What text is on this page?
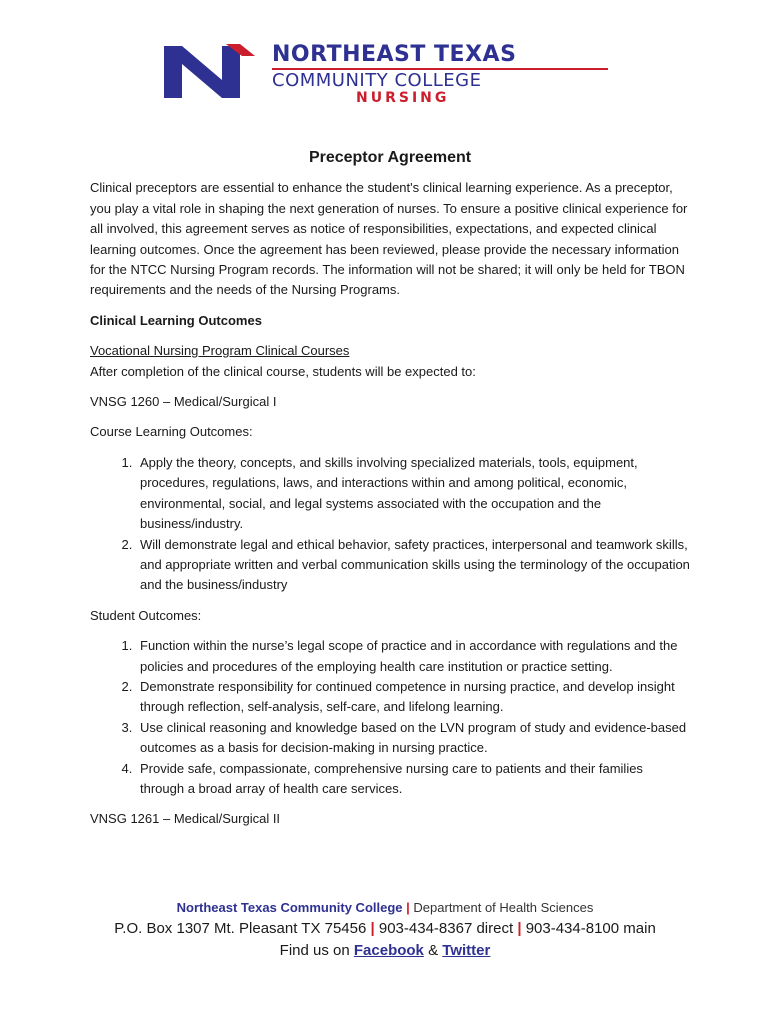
NORTHEAST TEXAS
COMMUNITY COLLEGE
NURSING
Preceptor Agreement

Clinical preceptors are essential to enhance the student's clinical learning experience. As a preceptor, you play a vital role in shaping the next generation of nurses. To ensure a positive clinical experience for all involved, this agreement serves as notice of responsibilities, expectations, and expected clinical learning outcomes. Once the agreement has been reviewed, please provide the necessary information for the NTCC Nursing Program records. The information will not be shared; it will only be held for TBON requirements and the needs of the Nursing Programs.

Clinical Learning Outcomes

Vocational Nursing Program Clinical Courses

After completion of the clinical course, students will be expected to:

VNSG 1260 – Medical/Surgical I

Course Learning Outcomes:

1. Apply the theory, concepts, and skills involving specialized materials, tools, equipment, procedures, regulations, laws, and interactions within and among political, economic, environmental, social, and legal systems associated with the occupation and the business/industry.
2. Will demonstrate legal and ethical behavior, safety practices, interpersonal and teamwork skills, and appropriate written and verbal communication skills using the terminology of the occupation and the business/industry

Student Outcomes:

1. Function within the nurse’s legal scope of practice and in accordance with regulations and the policies and procedures of the employing health care institution or practice setting.
2. Demonstrate responsibility for continued competence in nursing practice, and develop insight through reflection, self-analysis, self-care, and lifelong learning.
3. Use clinical reasoning and knowledge based on the LVN program of study and evidence-based outcomes as a basis for decision-making in nursing practice.
4. Provide safe, compassionate, comprehensive nursing care to patients and their families through a broad array of health care services.

VNSG 1261 – Medical/Surgical II

Northeast Texas Community College | Department of Health Sciences
P.O. Box 1307 Mt. Pleasant TX 75456 | 903-434-8367 direct | 903-434-8100 main
Find us on Facebook & Twitter
